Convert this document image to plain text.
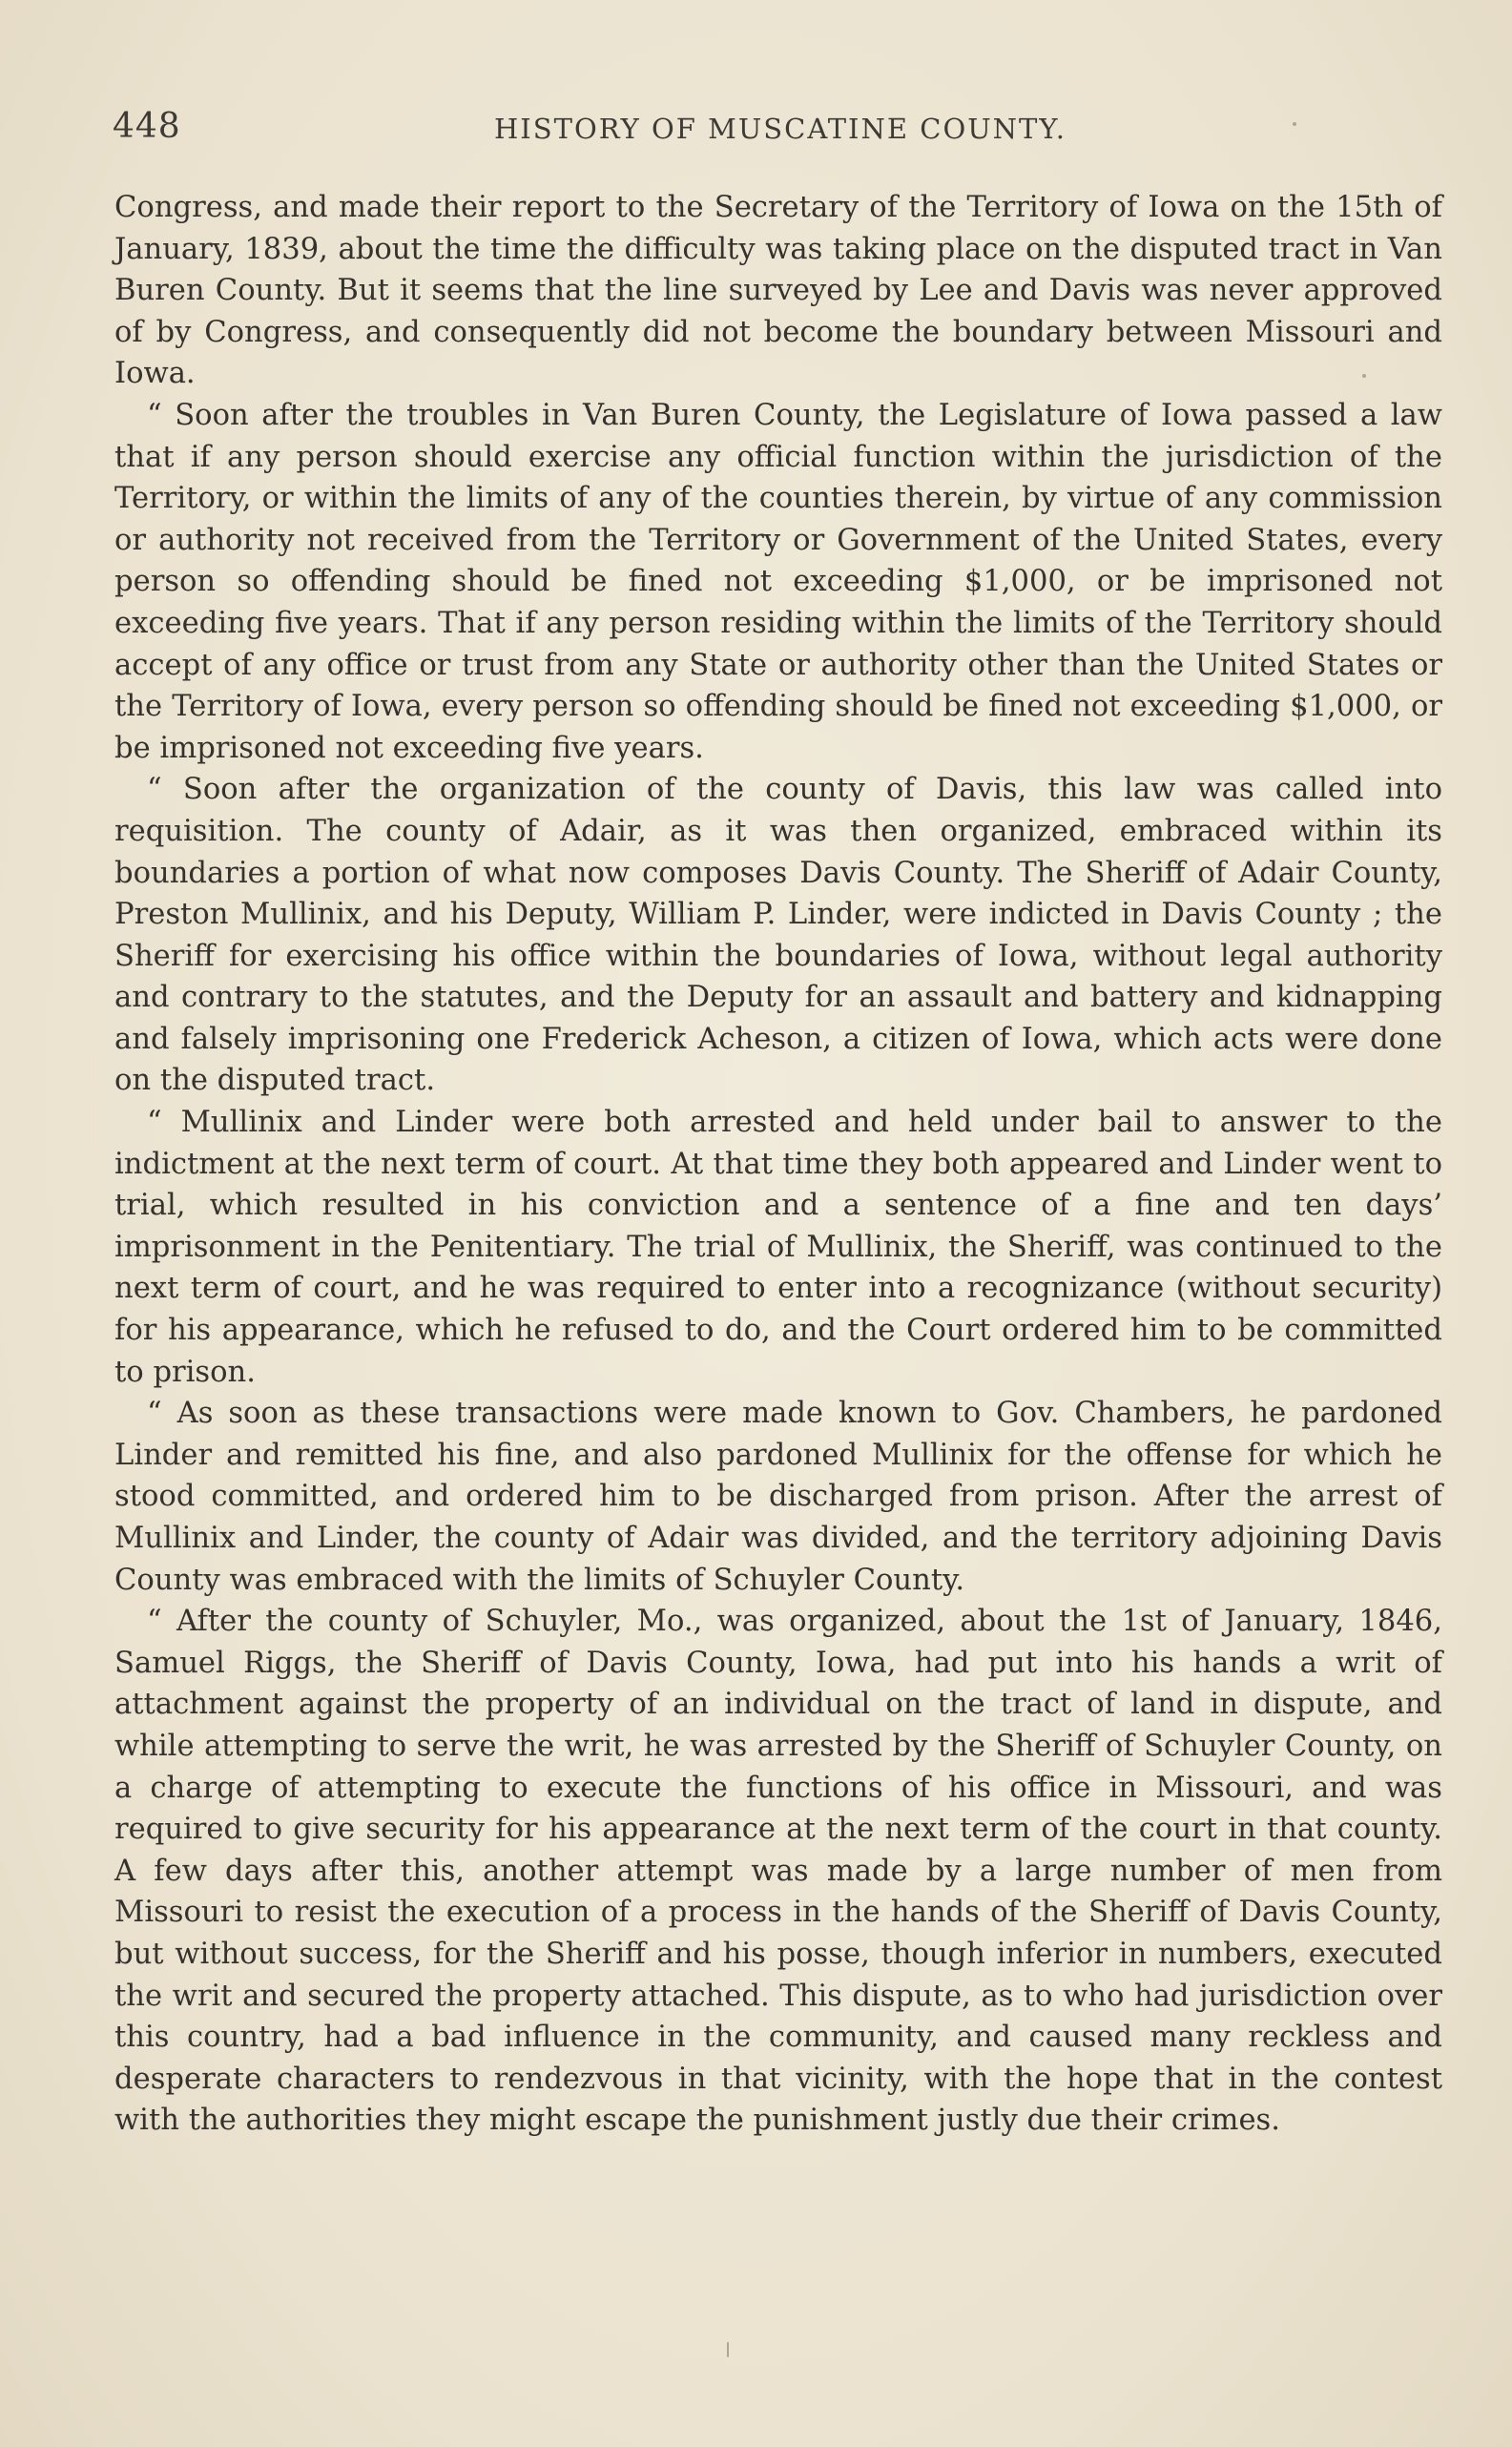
448	HISTORY OF MUSCATINE COUNTY.

Congress, and made their report to the Secretary of the Territory of Iowa on the 15th of January, 1839, about the time the difficulty was taking place on the disputed tract in Van Buren County. But it seems that the line surveyed by Lee and Davis was never approved of by Congress, and consequently did not become the boundary between Missouri and Iowa.

“ Soon after the troubles in Van Buren County, the Legislature of Iowa passed a law that if any person should exercise any official function within the jurisdiction of the Territory, or within the limits of any of the counties therein, by virtue of any commission or authority not received from the Territory or Government of the United States, every person so offending should be fined not exceeding $1,000, or be imprisoned not exceeding five years. That if any person residing within the limits of the Territory should accept of any office or trust from any State or authority other than the United States or the Territory of Iowa, every person so offending should be fined not exceeding $1,000, or be imprisoned not exceeding five years.

“ Soon after the organization of the county of Davis, this law was called into requisition. The county of Adair, as it was then organized, embraced within its boundaries a portion of what now composes Davis County. The Sheriff of Adair County, Preston Mullinix, and his Deputy, William P. Linder, were indicted in Davis County ; the Sheriff for exercising his office within the boundaries of Iowa, without legal authority and contrary to the statutes, and the Deputy for an assault and battery and kidnapping and falsely imprisoning one Frederick Acheson, a citizen of Iowa, which acts were done on the disputed tract.

“ Mullinix and Linder were both arrested and held under bail to answer to the indictment at the next term of court. At that time they both appeared and Linder went to trial, which resulted in his conviction and a sentence of a fine and ten days’ imprisonment in the Penitentiary. The trial of Mullinix, the Sheriff, was continued to the next term of court, and he was required to enter into a recognizance (without security) for his appearance, which he refused to do, and the Court ordered him to be committed to prison.

“ As soon as these transactions were made known to Gov. Chambers, he pardoned Linder and remitted his fine, and also pardoned Mullinix for the offense for which he stood committed, and ordered him to be discharged from prison. After the arrest of Mullinix and Linder, the county of Adair was divided, and the territory adjoining Davis County was embraced with the limits of Schuyler County.

“ After the county of Schuyler, Mo., was organized, about the 1st of January, 1846, Samuel Riggs, the Sheriff of Davis County, Iowa, had put into his hands a writ of attachment against the property of an individual on the tract of land in dispute, and while attempting to serve the writ, he was arrested by the Sheriff of Schuyler County, on a charge of attempting to execute the functions of his office in Missouri, and was required to give security for his appearance at the next term of the court in that county. A few days after this, another attempt was made by a large number of men from Missouri to resist the execution of a process in the hands of the Sheriff of Davis County, but without success, for the Sheriff and his posse, though inferior in numbers, executed the writ and secured the property attached. This dispute, as to who had jurisdiction over this country, had a bad influence in the community, and caused many reckless and desperate characters to rendezvous in that vicinity, with the hope that in the contest with the authorities they might escape the punishment justly due their crimes.
